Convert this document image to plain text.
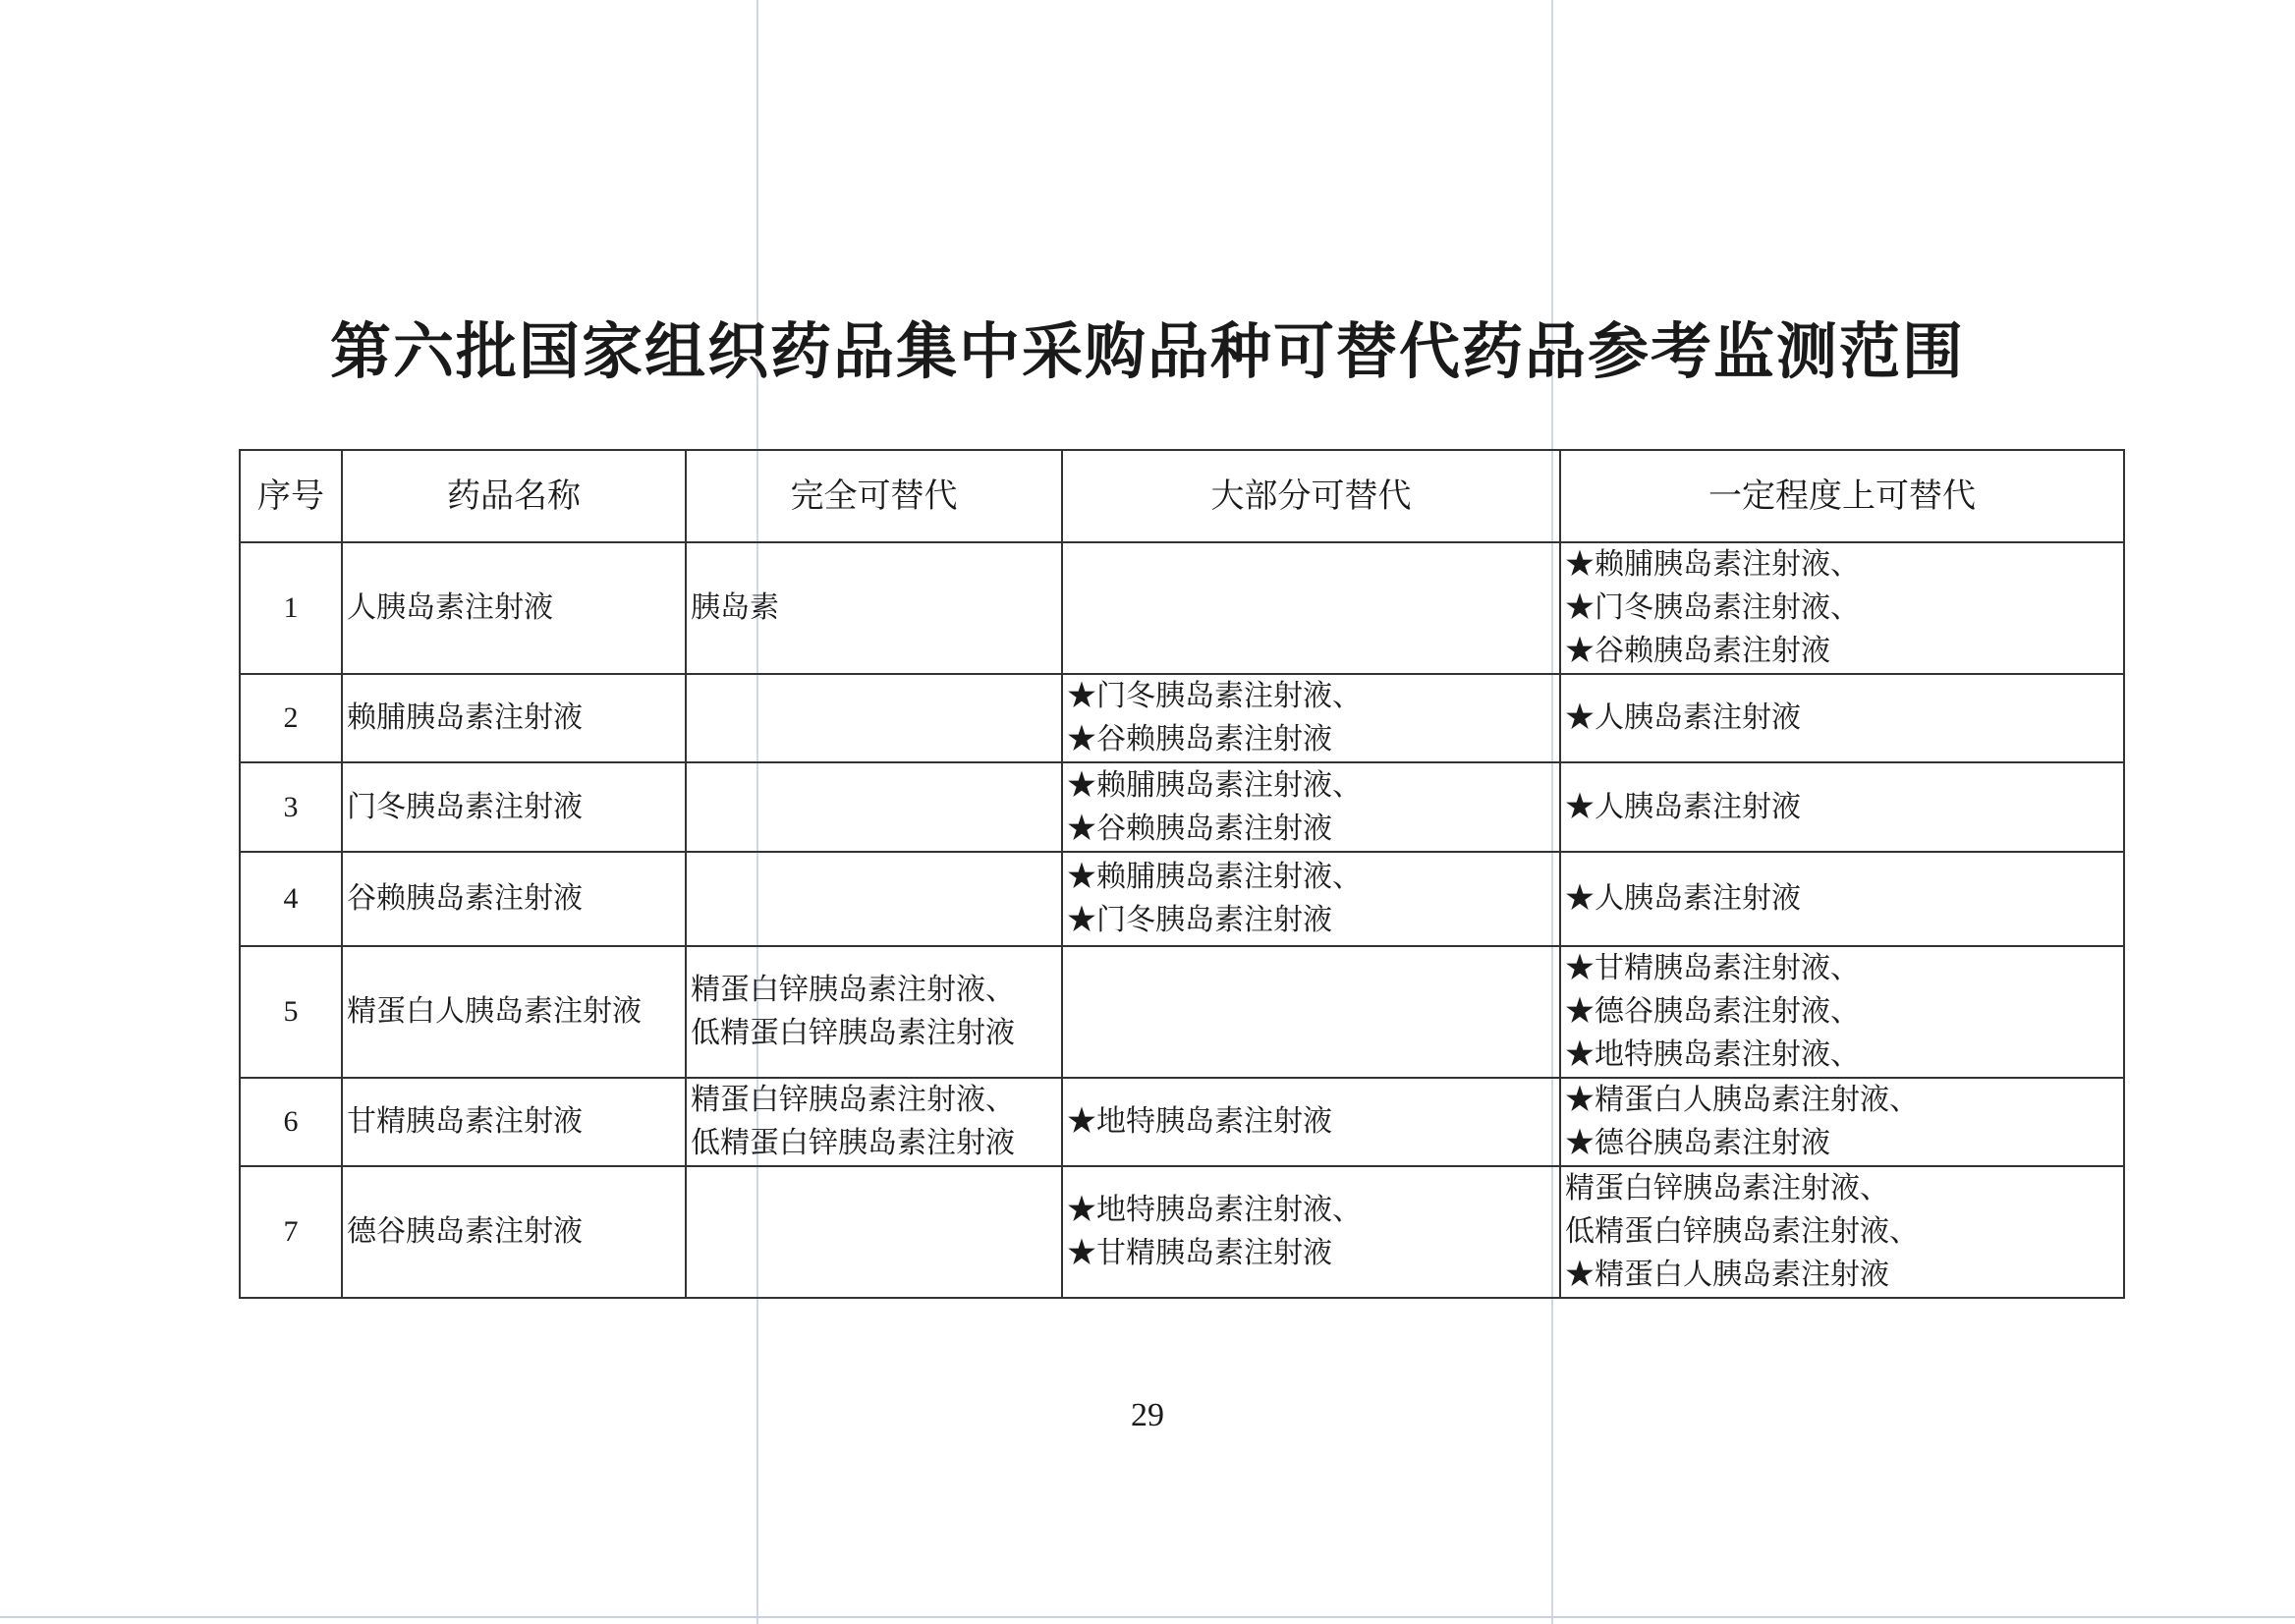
第六批国家组织药品集中采购品种可替代药品参考监测范围
序号	药品名称	完全可替代	大部分可替代	一定程度上可替代
1	人胰岛素注射液	胰岛素		★赖脯胰岛素注射液、
★门冬胰岛素注射液、
★谷赖胰岛素注射液

2	赖脯胰岛素注射液		★门冬胰岛素注射液、
★谷赖胰岛素注射液	★人胰岛素注射液

3	门冬胰岛素注射液		★赖脯胰岛素注射液、
★谷赖胰岛素注射液	★人胰岛素注射液

4	谷赖胰岛素注射液		★赖脯胰岛素注射液、
★门冬胰岛素注射液	★人胰岛素注射液

5	精蛋白人胰岛素注射液	精蛋白锌胰岛素注射液、
低精蛋白锌胰岛素注射液		★甘精胰岛素注射液、
★德谷胰岛素注射液、
★地特胰岛素注射液、

6	甘精胰岛素注射液	精蛋白锌胰岛素注射液、
低精蛋白锌胰岛素注射液	★地特胰岛素注射液	★精蛋白人胰岛素注射液、
★德谷胰岛素注射液

7	德谷胰岛素注射液		★地特胰岛素注射液、
★甘精胰岛素注射液	精蛋白锌胰岛素注射液、
低精蛋白锌胰岛素注射液、
★精蛋白人胰岛素注射液
29
